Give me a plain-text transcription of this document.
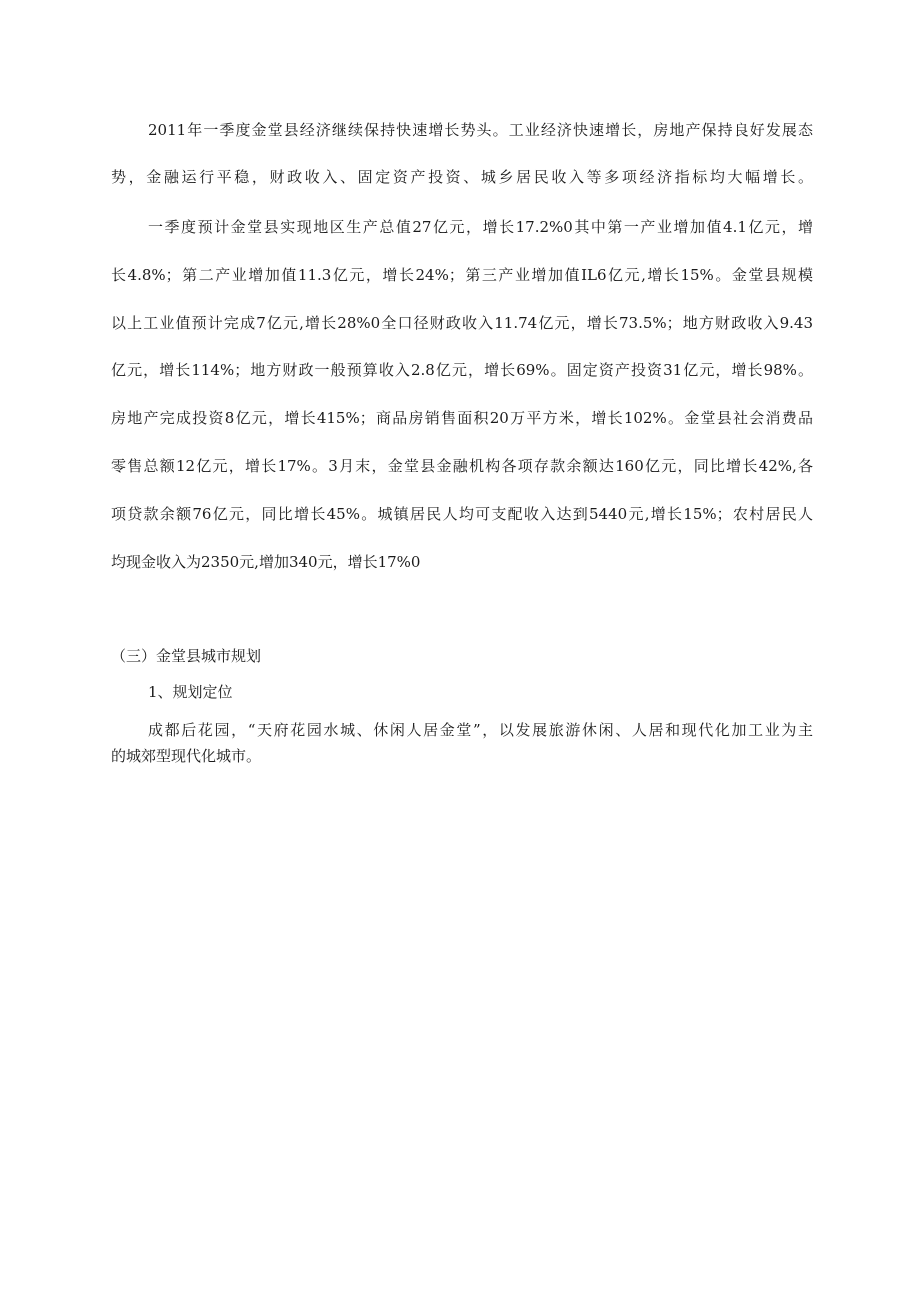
2011年一季度金堂县经济继续保持快速增长势头。工业经济快速增长，房地产保持良好发展态
势，金融运行平稳，财政收入、固定资产投资、城乡居民收入等多项经济指标均大幅增长。
一季度预计金堂县实现地区生产总值27亿元，增长17.2%0其中第一产业增加值4.1亿元，增
长4.8%；第二产业增加值11.3亿元，增长24%；第三产业增加值IL6亿元,增长15%。金堂县规模
以上工业值预计完成7亿元,增长28%0全口径财政收入11.74亿元，增长73.5%；地方财政收入9.43
亿元，增长114%；地方财政一般预算收入2.8亿元，增长69%。固定资产投资31亿元，增长98%。
房地产完成投资8亿元，增长415%；商品房销售面积20万平方米，增长102%。金堂县社会消费品
零售总额12亿元，增长17%。3月末，金堂县金融机构各项存款余额达160亿元，同比增长42%,各
项贷款余额76亿元，同比增长45%。城镇居民人均可支配收入达到5440元,增长15%；农村居民人
均现金收入为2350元,增加340元，增长17%0
（三）金堂县城市规划
1、规划定位
成都后花园，“天府花园水城、休闲人居金堂”，以发展旅游休闲、人居和现代化加工业为主
的城郊型现代化城市。
